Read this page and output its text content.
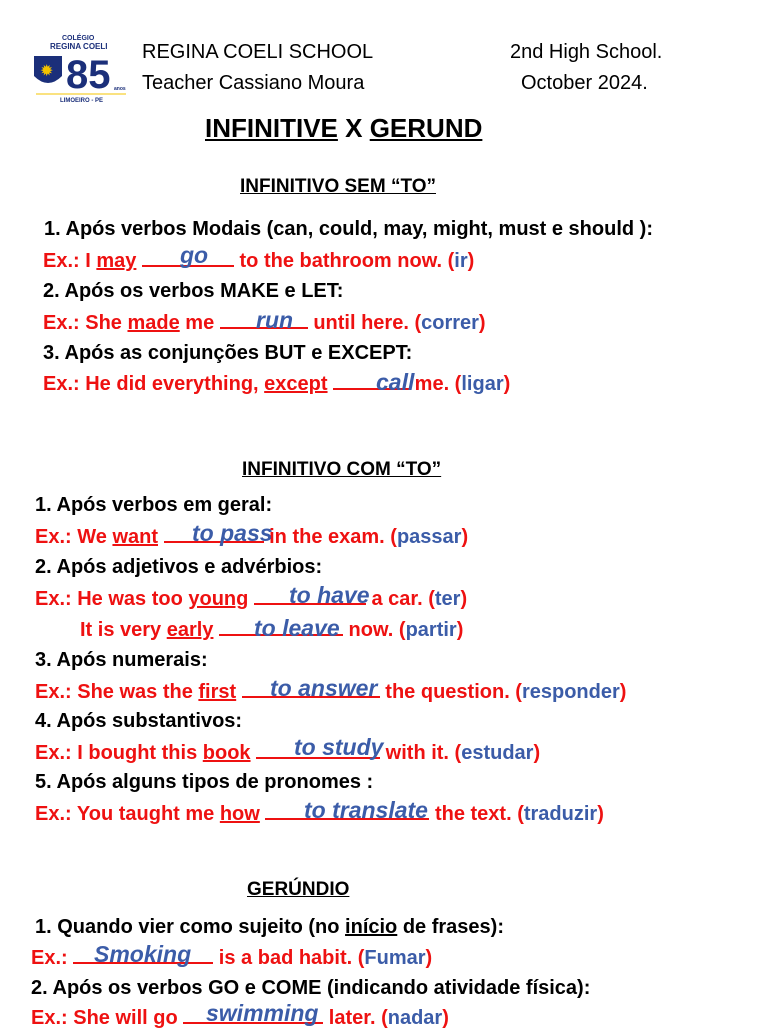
COLÉGIO
REGINA COELI
✹ 85 anos
LIMOEIRO - PE
REGINA COELI SCHOOL
Teacher Cassiano Moura
2nd High School.
October 2024.
INFINITIVE X GERUND
INFINITIVO SEM “TO”
1. Após verbos Modais (can, could, may, might, must e should ):
Ex.: I may	to the bathroom now. (ir)
go
2. Após os verbos MAKE e LET:
Ex.: She made me	until here. (correr)
run
3. Após as conjunções BUT e EXCEPT:
Ex.: He did everything, except	me. (ligar)
call
INFINITIVO COM “TO”
1. Após verbos em geral:
Ex.: We want	in the exam. (passar)
to pass
2. Após adjetivos e advérbios:
Ex.: He was too young	a car. (ter)
to have
It is very early	now. (partir)
to leave
3. Após numerais:
Ex.: She was the first	the question. (responder)
to answer
4. Após substantivos:
Ex.: I bought this book	with it. (estudar)
to study
5. Após alguns tipos de pronomes :
Ex.: You taught me how	the text. (traduzir)
to translate
GERÚNDIO
1. Quando vier como sujeito (no início de frases):
Ex.:	is a bad habit. (Fumar)
Smoking
2. Após os verbos GO e COME (indicando atividade física):
Ex.: She will go	later. (nadar)
swimming
